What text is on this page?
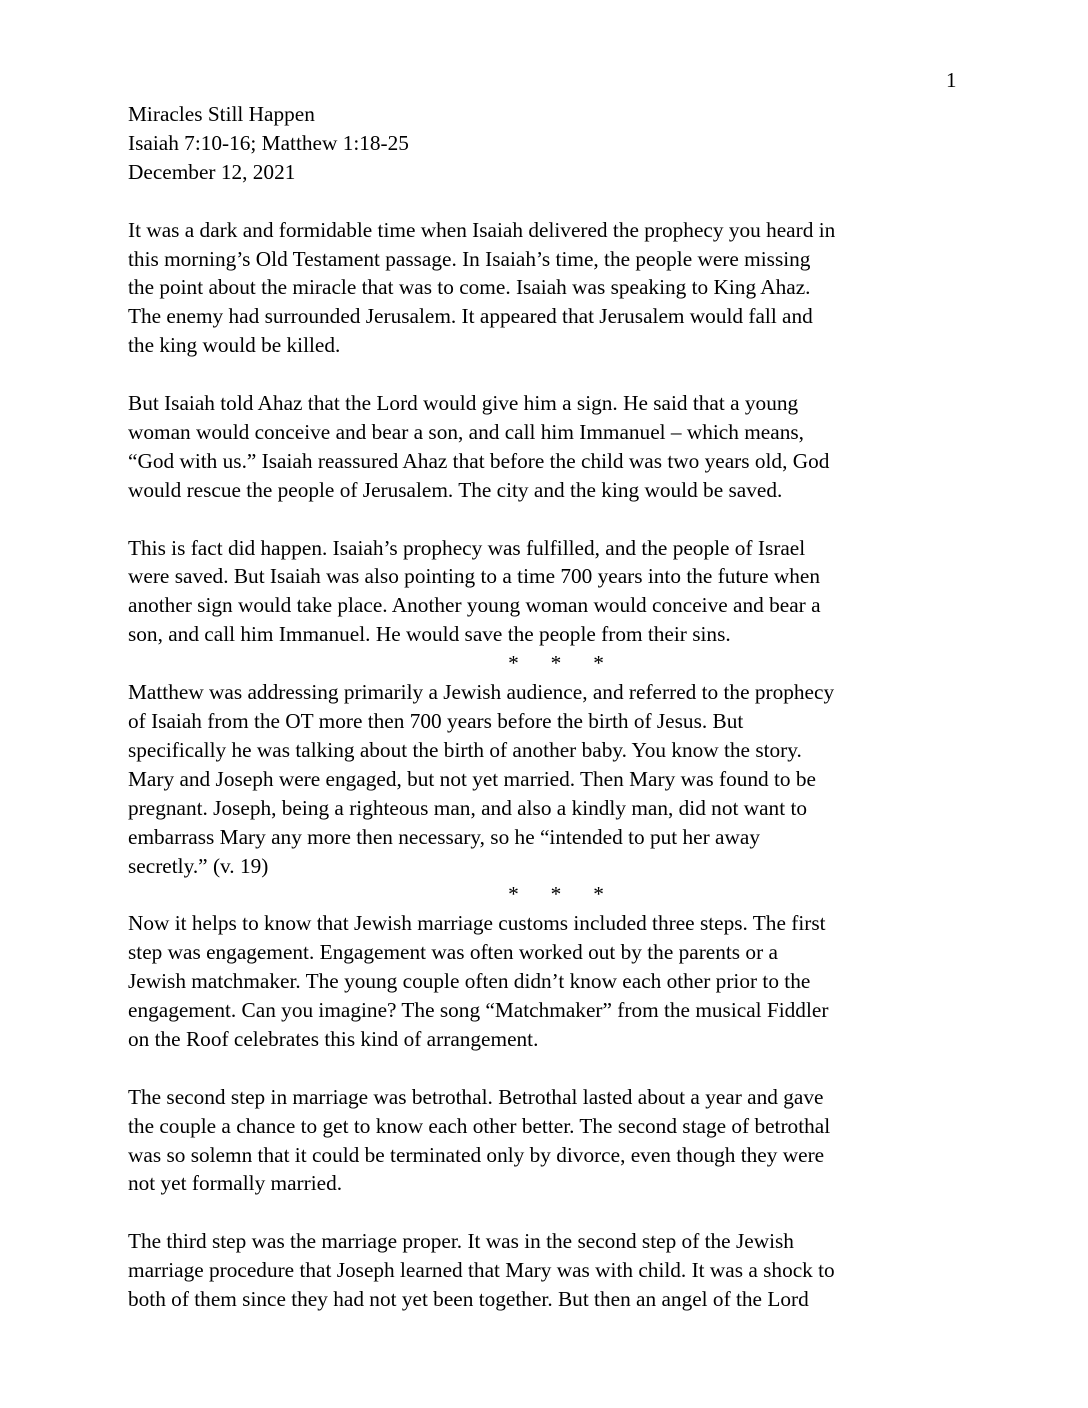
1
Miracles Still Happen
Isaiah 7:10-16; Matthew 1:18-25
December 12, 2021

It was a dark and formidable time when Isaiah delivered the prophecy you heard in
this morning’s Old Testament passage. In Isaiah’s time, the people were missing
the point about the miracle that was to come. Isaiah was speaking to King Ahaz.
The enemy had surrounded Jerusalem. It appeared that Jerusalem would fall and
the king would be killed.

But Isaiah told Ahaz that the Lord would give him a sign. He said that a young
woman would conceive and bear a son, and call him Immanuel – which means,
“God with us.” Isaiah reassured Ahaz that before the child was two years old, God
would rescue the people of Jerusalem. The city and the king would be saved.

This is fact did happen. Isaiah’s prophecy was fulfilled, and the people of Israel
were saved. But Isaiah was also pointing to a time 700 years into the future when
another sign would take place. Another young woman would conceive and bear a
son, and call him Immanuel. He would save the people from their sins.

*      *      *

Matthew was addressing primarily a Jewish audience, and referred to the prophecy
of Isaiah from the OT more then 700 years before the birth of Jesus. But
specifically he was talking about the birth of another baby. You know the story.
Mary and Joseph were engaged, but not yet married. Then Mary was found to be
pregnant. Joseph, being a righteous man, and also a kindly man, did not want to
embarrass Mary any more then necessary, so he “intended to put her away
secretly.” (v. 19)

*      *      *

Now it helps to know that Jewish marriage customs included three steps. The first
step was engagement. Engagement was often worked out by the parents or a
Jewish matchmaker. The young couple often didn’t know each other prior to the
engagement. Can you imagine? The song “Matchmaker” from the musical Fiddler
on the Roof celebrates this kind of arrangement.

The second step in marriage was betrothal. Betrothal lasted about a year and gave
the couple a chance to get to know each other better. The second stage of betrothal
was so solemn that it could be terminated only by divorce, even though they were
not yet formally married.

The third step was the marriage proper. It was in the second step of the Jewish
marriage procedure that Joseph learned that Mary was with child. It was a shock to
both of them since they had not yet been together. But then an angel of the Lord
